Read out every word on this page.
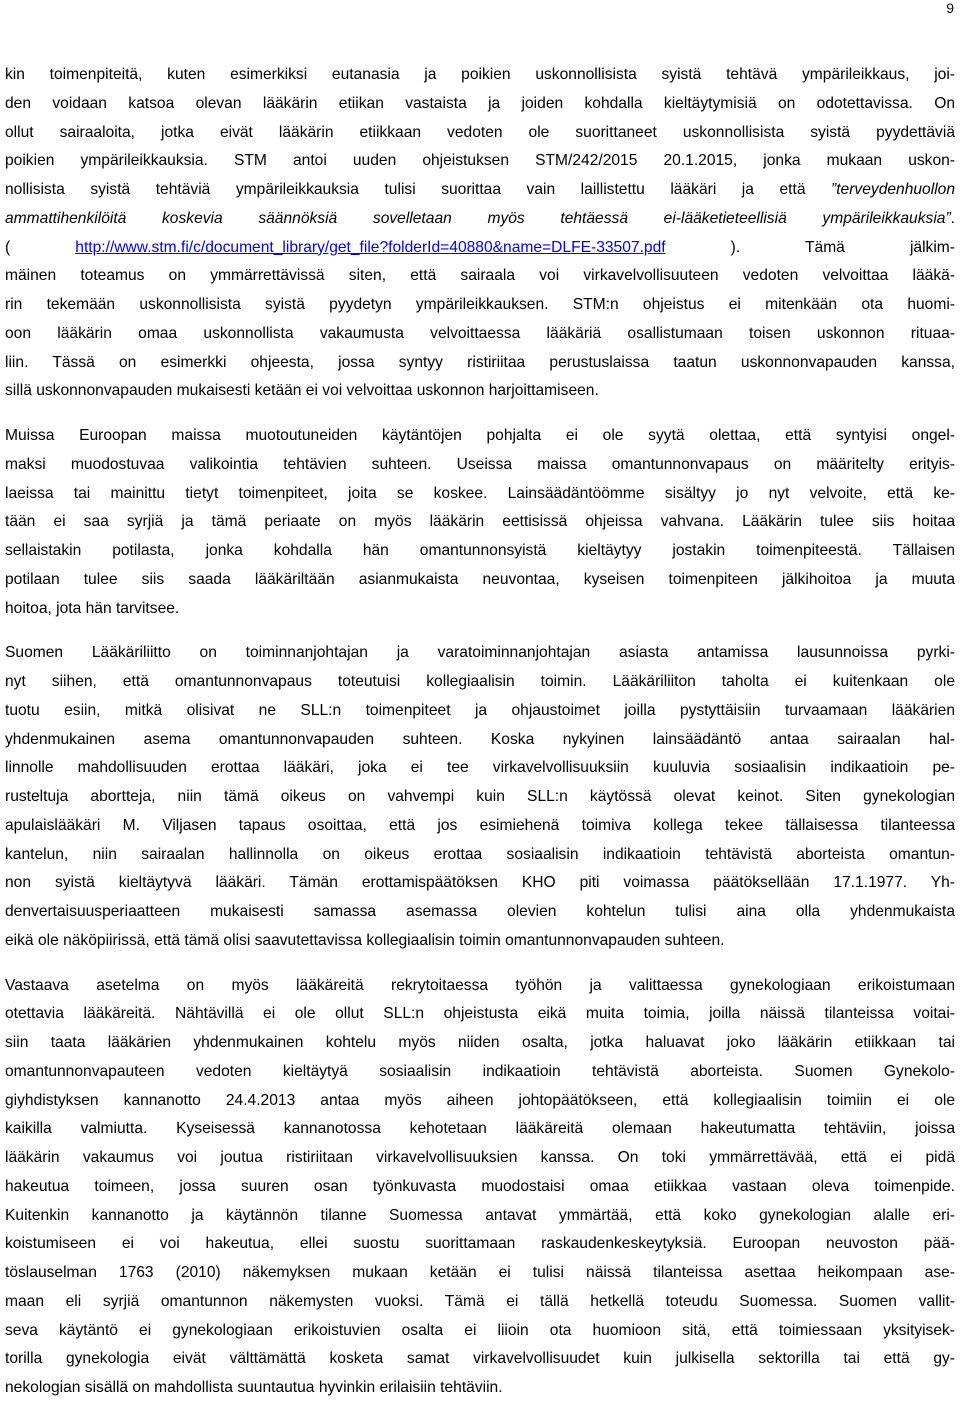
9
kin toimenpiteitä, kuten esimerkiksi eutanasia ja poikien uskonnollisista syistä tehtävä ympärileikkaus, joi-
den voidaan katsoa olevan lääkärin etiikan vastaista ja joiden kohdalla kieltäytymisiä on odotettavissa. On
ollut sairaaloita, jotka eivät lääkärin etiikkaan vedoten ole suorittaneet uskonnollisista syistä pyydettäviä
poikien ympärileikkauksia. STM antoi uuden ohjeistuksen STM/242/2015 20.1.2015, jonka mukaan uskon-
nollisista syistä tehtäviä ympärileikkauksia tulisi suorittaa vain laillistettu lääkäri ja että ”terveydenhuollon
ammattihenkilöitä koskevia säännöksiä sovelletaan myös tehtäessä ei-lääketieteellisiä ympärileikkauksia”.
( http://www.stm.fi/c/document_library/get_file?folderId=40880&name=DLFE-33507.pdf ). Tämä jälkim-
mäinen toteamus on ymmärrettävissä siten, että sairaala voi virkavelvollisuuteen vedoten velvoittaa lääkä-
rin tekemään uskonnollisista syistä pyydetyn ympärileikkauksen. STM:n ohjeistus ei mitenkään ota huomi-
oon lääkärin omaa uskonnollista vakaumusta velvoittaessa lääkäriä osallistumaan toisen uskonnon rituaa-
liin. Tässä on esimerkki ohjeesta, jossa syntyy ristiriitaa perustuslaissa taatun uskonnonvapauden kanssa,
sillä uskonnonvapauden mukaisesti ketään ei voi velvoittaa uskonnon harjoittamiseen.
Muissa Euroopan maissa muotoutuneiden käytäntöjen pohjalta ei ole syytä olettaa, että syntyisi ongel-
maksi muodostuvaa valikointia tehtävien suhteen. Useissa maissa omantunnonvapaus on määritelty erityis-
laeissa tai mainittu tietyt toimenpiteet, joita se koskee. Lainsäädäntöömme sisältyy jo nyt velvoite, että ke-
tään ei saa syrjiä ja tämä periaate on myös lääkärin eettisissä ohjeissa vahvana. Lääkärin tulee siis hoitaa
sellaistakin potilasta, jonka kohdalla hän omantunnonsyistä kieltäytyy jostakin toimenpiteestä. Tällaisen
potilaan tulee siis saada lääkäriltään asianmukaista neuvontaa, kyseisen toimenpiteen jälkihoitoa ja muuta
hoitoa, jota hän tarvitsee.
Suomen Lääkäriliitto on toiminnanjohtajan ja varatoiminnanjohtajan asiasta antamissa lausunnoissa pyrki-
nyt siihen, että omantunnonvapaus toteutuisi kollegiaalisin toimin. Lääkäriliiton taholta ei kuitenkaan ole
tuotu esiin, mitkä olisivat ne SLL:n toimenpiteet ja ohjaustoimet joilla pystyttäisiin turvaamaan lääkärien
yhdenmukainen asema omantunnonvapauden suhteen. Koska nykyinen lainsäädäntö antaa sairaalan hal-
linnolle mahdollisuuden erottaa lääkäri, joka ei tee virkavelvollisuuksiin kuuluvia sosiaalisin indikaatioin pe-
rusteltuja abortteja, niin tämä oikeus on vahvempi kuin SLL:n käytössä olevat keinot. Siten gynekologian
apulaislääkäri M. Viljasen tapaus osoittaa, että jos esimiehenä toimiva kollega tekee tällaisessa tilanteessa
kantelun, niin sairaalan hallinnolla on oikeus erottaa sosiaalisin indikaatioin tehtävistä aborteista omantun-
non syistä kieltäytyvä lääkäri. Tämän erottamispäätöksen KHO piti voimassa päätöksellään 17.1.1977. Yh-
denvertaisuusperiaatteen mukaisesti samassa asemassa olevien kohtelun tulisi aina olla yhdenmukaista
eikä ole näköpiirissä, että tämä olisi saavutettavissa kollegiaalisin toimin omantunnonvapauden suhteen.
Vastaava asetelma on myös lääkäreitä rekrytoitaessa työhön ja valittaessa gynekologiaan erikoistumaan
otettavia lääkäreitä. Nähtävillä ei ole ollut SLL:n ohjeistusta eikä muita toimia, joilla näissä tilanteissa voitai-
siin taata lääkärien yhdenmukainen kohtelu myös niiden osalta, jotka haluavat joko lääkärin etiikkaan tai
omantunnonvapauteen vedoten kieltäytyä sosiaalisin indikaatioin tehtävistä aborteista. Suomen Gynekolo-
giyhdistyksen kannanotto 24.4.2013 antaa myös aiheen johtopäätökseen, että kollegiaalisin toimiin ei ole
kaikilla valmiutta. Kyseisessä kannanotossa kehotetaan lääkäreitä olemaan hakeutumatta tehtäviin, joissa
lääkärin vakaumus voi joutua ristiriitaan virkavelvollisuuksien kanssa. On toki ymmärrettävää, että ei pidä
hakeutua toimeen, jossa suuren osan työnkuvasta muodostaisi omaa etiikkaa vastaan oleva toimenpide.
Kuitenkin kannanotto ja käytännön tilanne Suomessa antavat ymmärtää, että koko gynekologian alalle eri-
koistumiseen ei voi hakeutua, ellei suostu suorittamaan raskaudenkeskeytyksiä. Euroopan neuvoston pää-
töslauselman 1763 (2010) näkemyksen mukaan ketään ei tulisi näissä tilanteissa asettaa heikompaan ase-
maan eli syrjiä omantunnon näkemysten vuoksi. Tämä ei tällä hetkellä toteudu Suomessa. Suomen vallit-
seva käytäntö ei gynekologiaan erikoistuvien osalta ei liioin ota huomioon sitä, että toimiessaan yksityisek-
torilla gynekologia eivät välttämättä kosketa samat virkavelvollisuudet kuin julkisella sektorilla tai että gy-
nekologian sisällä on mahdollista suuntautua hyvinkin erilaisiin tehtäviin.
